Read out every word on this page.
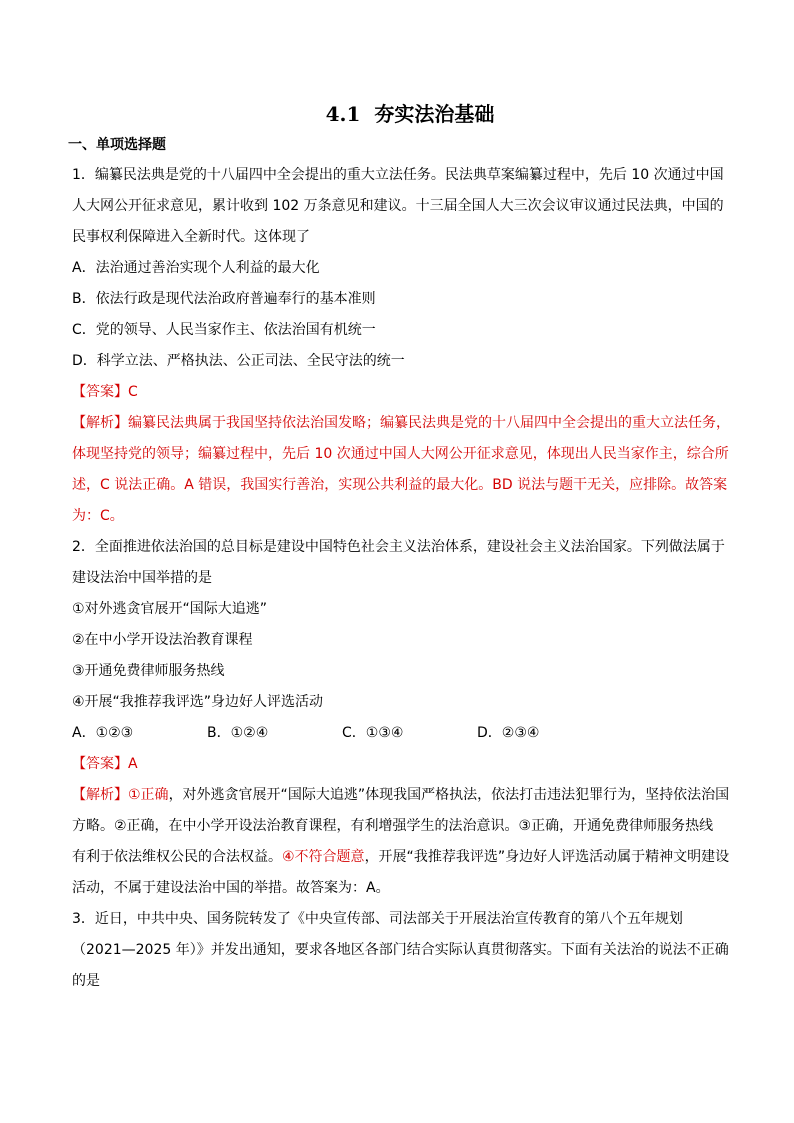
4.1 夯实法治基础
一、单项选择题
1．编纂民法典是党的十八届四中全会提出的重大立法任务。民法典草案编纂过程中，先后 10 次通过中国
人大网公开征求意见，累计收到 102 万条意见和建议。十三届全国人大三次会议审议通过民法典，中国的
民事权利保障进入全新时代。这体现了
A．法治通过善治实现个人利益的最大化
B．依法行政是现代法治政府普遍奉行的基本准则
C．党的领导、人民当家作主、依法治国有机统一
D．科学立法、严格执法、公正司法、全民守法的统一
【答案】C
【解析】编纂民法典属于我国坚持依法治国发略；编纂民法典是党的十八届四中全会提出的重大立法任务，
体现坚持党的领导；编纂过程中，先后 10 次通过中国人大网公开征求意见，体现出人民当家作主，综合所
述，C 说法正确。A 错误，我国实行善治，实现公共利益的最大化。BD 说法与题干无关，应排除。故答案
为：C。
2．全面推进依法治国的总目标是建设中国特色社会主义法治体系，建设社会主义法治国家。下列做法属于
建设法治中国举措的是
①对外逃贪官展开“国际大追逃”
②在中小学开设法治教育课程
③开通免费律师服务热线
④开展“我推荐我评选”身边好人评选活动
A．①②③	B．①②④	C．①③④	D．②③④
【答案】A
【解析】①正确，对外逃贪官展开“国际大追逃”体现我国严格执法，依法打击违法犯罪行为，坚持依法治国
方略。②正确，在中小学开设法治教育课程，有利增强学生的法治意识。③正确，开通免费律师服务热线
有利于依法维权公民的合法权益。④不符合题意，开展“我推荐我评选”身边好人评选活动属于精神文明建设
活动，不属于建设法治中国的举措。故答案为：A。
3．近日，中共中央、国务院转发了《中央宣传部、司法部关于开展法治宣传教育的第八个五年规划
（2021—2025 年）》并发出通知，要求各地区各部门结合实际认真贯彻落实。下面有关法治的说法不正确
的是
